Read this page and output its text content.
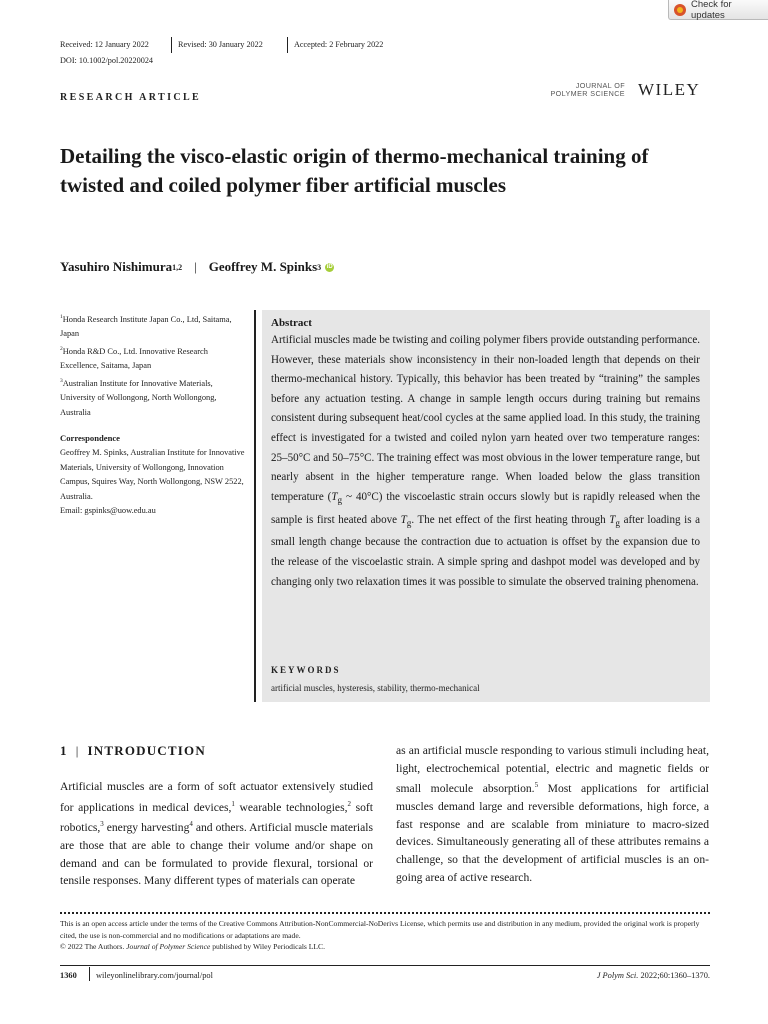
Check for updates
Received: 12 January 2022	Revised: 30 January 2022	Accepted: 2 February 2022
DOI: 10.1002/pol.20220024
JOURNAL OF
POLYMER SCIENCE WILEY
RESEARCH ARTICLE
Detailing the visco-elastic origin of thermo-mechanical training of twisted and coiled polymer fiber artificial muscles
Yasuhiro Nishimura 1,2 | Geoffrey M. Spinks 3 iD
$^1$Honda Research Institute Japan Co., Ltd, Saitama, Japan
$^2$Honda R&D Co., Ltd. Innovative Research Excellence, Saitama, Japan
$^3$Australian Institute for Innovative Materials, University of Wollongong, North Wollongong, Australia
Correspondence
Geoffrey M. Spinks, Australian Institute for Innovative Materials, University of Wollongong, Innovation Campus, Squires Way, North Wollongong, NSW 2522, Australia.
Email: gspinks@uow.edu.au
Abstract
Artificial muscles made be twisting and coiling polymer fibers provide outstanding performance. However, these materials show inconsistency in their non-loaded length that depends on their thermo-mechanical history. Typically, this behavior has been treated by “training” the samples before any actuation testing. A change in sample length occurs during training but remains consistent during subsequent heat/cool cycles at the same applied load. In this study, the training effect is investigated for a twisted and coiled nylon yarn heated over two temperature ranges: 25–50°C and 50–75°C. The training effect was most obvious in the lower temperature range, but nearly absent in the higher temperature range. When loaded below the glass transition temperature ($T_g$ ~ 40°C) the viscoelastic strain occurs slowly but is rapidly released when the sample is first heated above $T_g$. The net effect of the first heating through $T_g$ after loading is a small length change because the contraction due to actuation is offset by the expansion due to the release of the viscoelastic strain. A simple spring and dashpot model was developed and by changing only two relaxation times it was possible to simulate the observed training phenomena.
KEYWORDS
artificial muscles, hysteresis, stability, thermo-mechanical
1 | INTRODUCTION
Artificial muscles are a form of soft actuator extensively studied for applications in medical devices,$^1$ wearable technologies,$^2$ soft robotics,$^3$ energy harvesting$^4$ and others. Artificial muscle materials are those that are able to change their volume and/or shape on demand and can be formulated to provide flexural, torsional or tensile responses. Many different types of materials can operate
as an artificial muscle responding to various stimuli including heat, light, electrochemical potential, electric and magnetic fields or small molecule absorption.$^5$ Most applications for artificial muscles demand large and reversible deformations, high force, a fast response and are scalable from miniature to macro-sized devices. Simultaneously generating all of these attributes remains a challenge, so that the development of artificial muscles is an on-going area of active research.
This is an open access article under the terms of the Creative Commons Attribution-NonCommercial-NoDerivs License, which permits use and distribution in any medium, provided the original work is properly cited, the use is non-commercial and no modifications or adaptations are made.
© 2022 The Authors. Journal of Polymer Science published by Wiley Periodicals LLC.
1360 wileyonlinelibrary.com/journal/pol	J Polym Sci. 2022;60:1360–1370.
